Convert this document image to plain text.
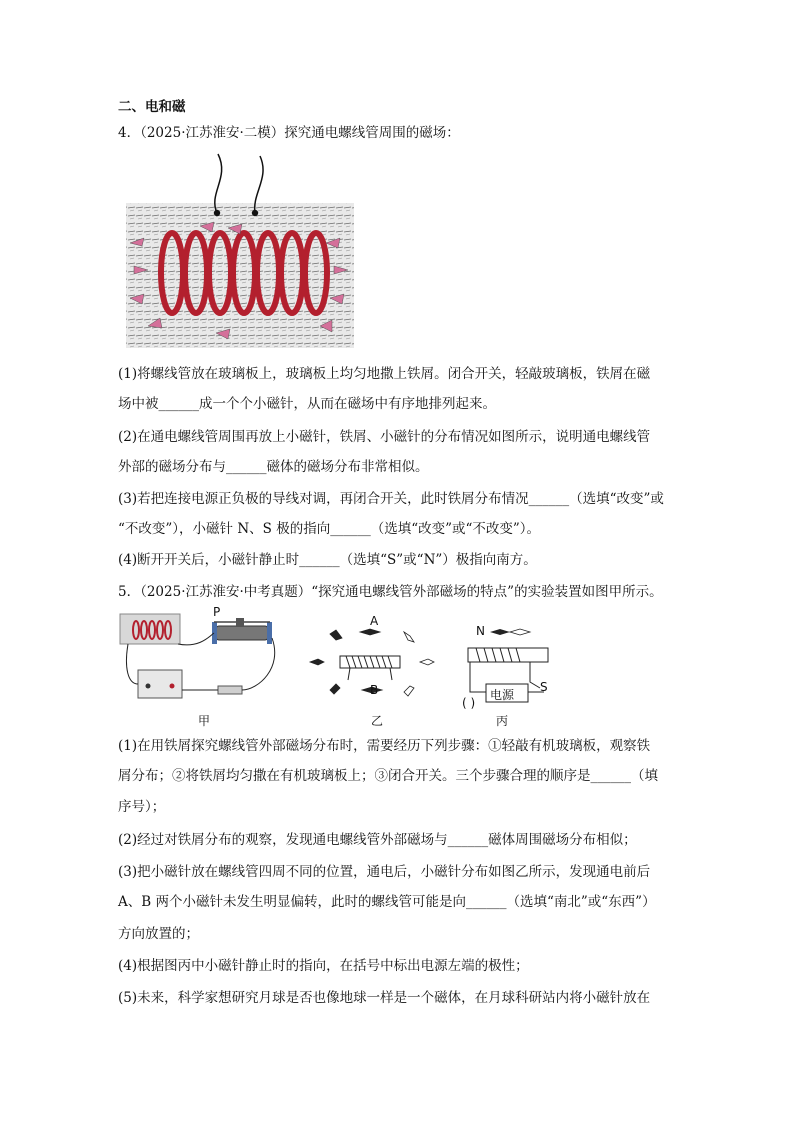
二、电和磁
4．（2025·江苏淮安·二模）探究通电螺线管周围的磁场：
(1)将螺线管放在玻璃板上，玻璃板上均匀地撒上铁屑。闭合开关，轻敲玻璃板，铁屑在磁
场中被______成一个个小磁针，从而在磁场中有序地排列起来。
(2)在通电螺线管周围再放上小磁针，铁屑、小磁针的分布情况如图所示，说明通电螺线管
外部的磁场分布与______磁体的磁场分布非常相似。
(3)若把连接电源正负极的导线对调，再闭合开关，此时铁屑分布情况______（选填“改变”或
“不改变”），小磁针 N、S 极的指向______（选填“改变”或“不改变”）。
(4)断开开关后，小磁针静止时______（选填“S”或“N”）极指向南方。
5．（2025·江苏淮安·中考真题）“探究通电螺线管外部磁场的特点”的实验装置如图甲所示。
P
甲
A
B
乙
N
电源
S
( )
丙
(1)在用铁屑探究螺线管外部磁场分布时，需要经历下列步骤：①轻敲有机玻璃板，观察铁
屑分布；②将铁屑均匀撒在有机玻璃板上；③闭合开关。三个步骤合理的顺序是______（填
序号）；
(2)经过对铁屑分布的观察，发现通电螺线管外部磁场与______磁体周围磁场分布相似；
(3)把小磁针放在螺线管四周不同的位置，通电后，小磁针分布如图乙所示，发现通电前后
A、B 两个小磁针未发生明显偏转，此时的螺线管可能是向______（选填“南北”或“东西”）
方向放置的；
(4)根据图丙中小磁针静止时的指向，在括号中标出电源左端的极性；
(5)未来，科学家想研究月球是否也像地球一样是一个磁体，在月球科研站内将小磁针放在
